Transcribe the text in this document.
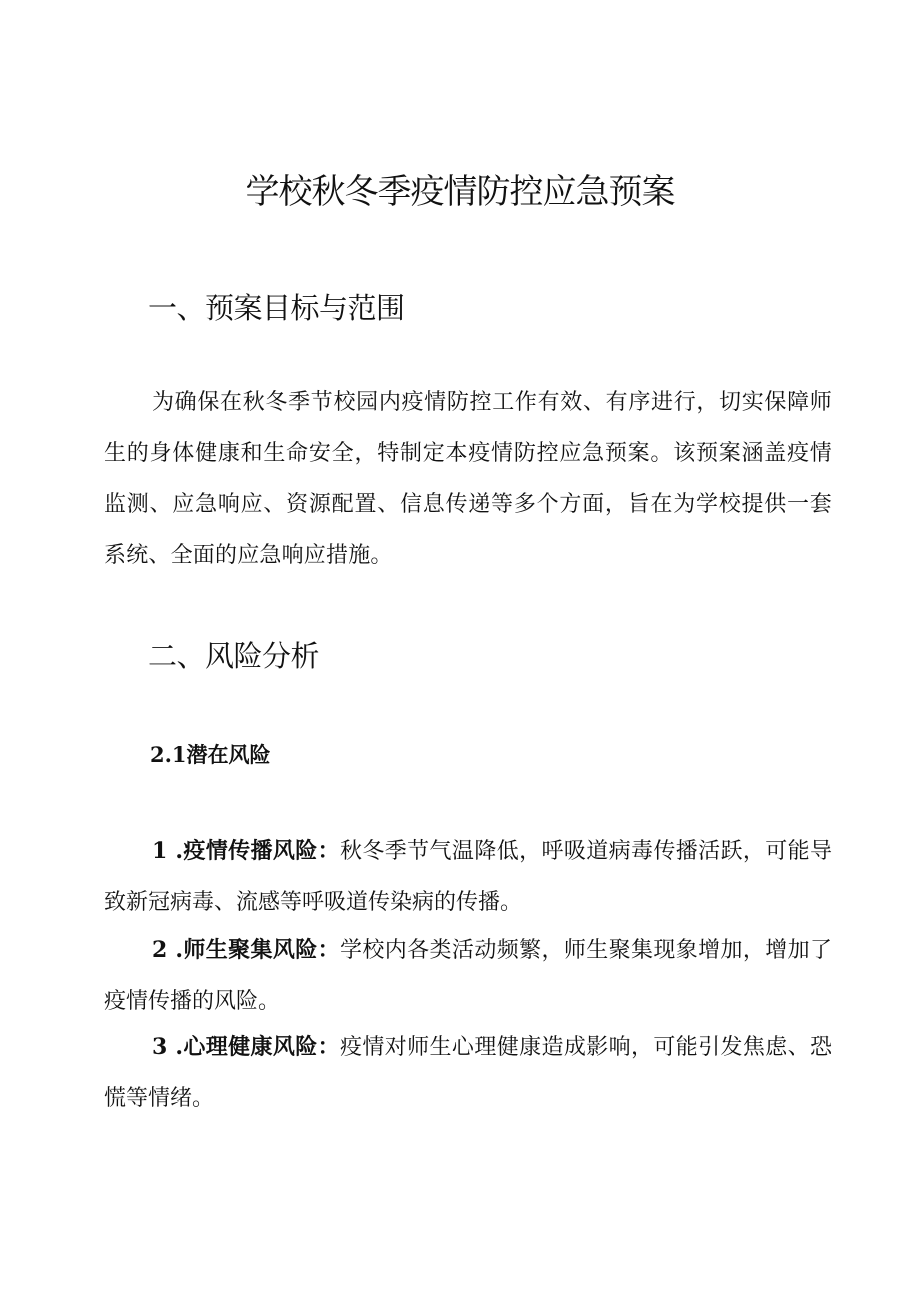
学校秋冬季疫情防控应急预案
一、预案目标与范围

为确保在秋冬季节校园内疫情防控工作有效、有序进行，切实保障师生的身体健康和生命安全，特制定本疫情防控应急预案。该预案涵盖疫情监测、应急响应、资源配置、信息传递等多个方面，旨在为学校提供一套系统、全面的应急响应措施。

二、风险分析
2.1潜在风险

1 .疫情传播风险：秋冬季节气温降低，呼吸道病毒传播活跃，可能导致新冠病毒、流感等呼吸道传染病的传播。

2 .师生聚集风险：学校内各类活动频繁，师生聚集现象增加，增加了疫情传播的风险。

3 .心理健康风险：疫情对师生心理健康造成影响，可能引发焦虑、恐慌等情绪。
